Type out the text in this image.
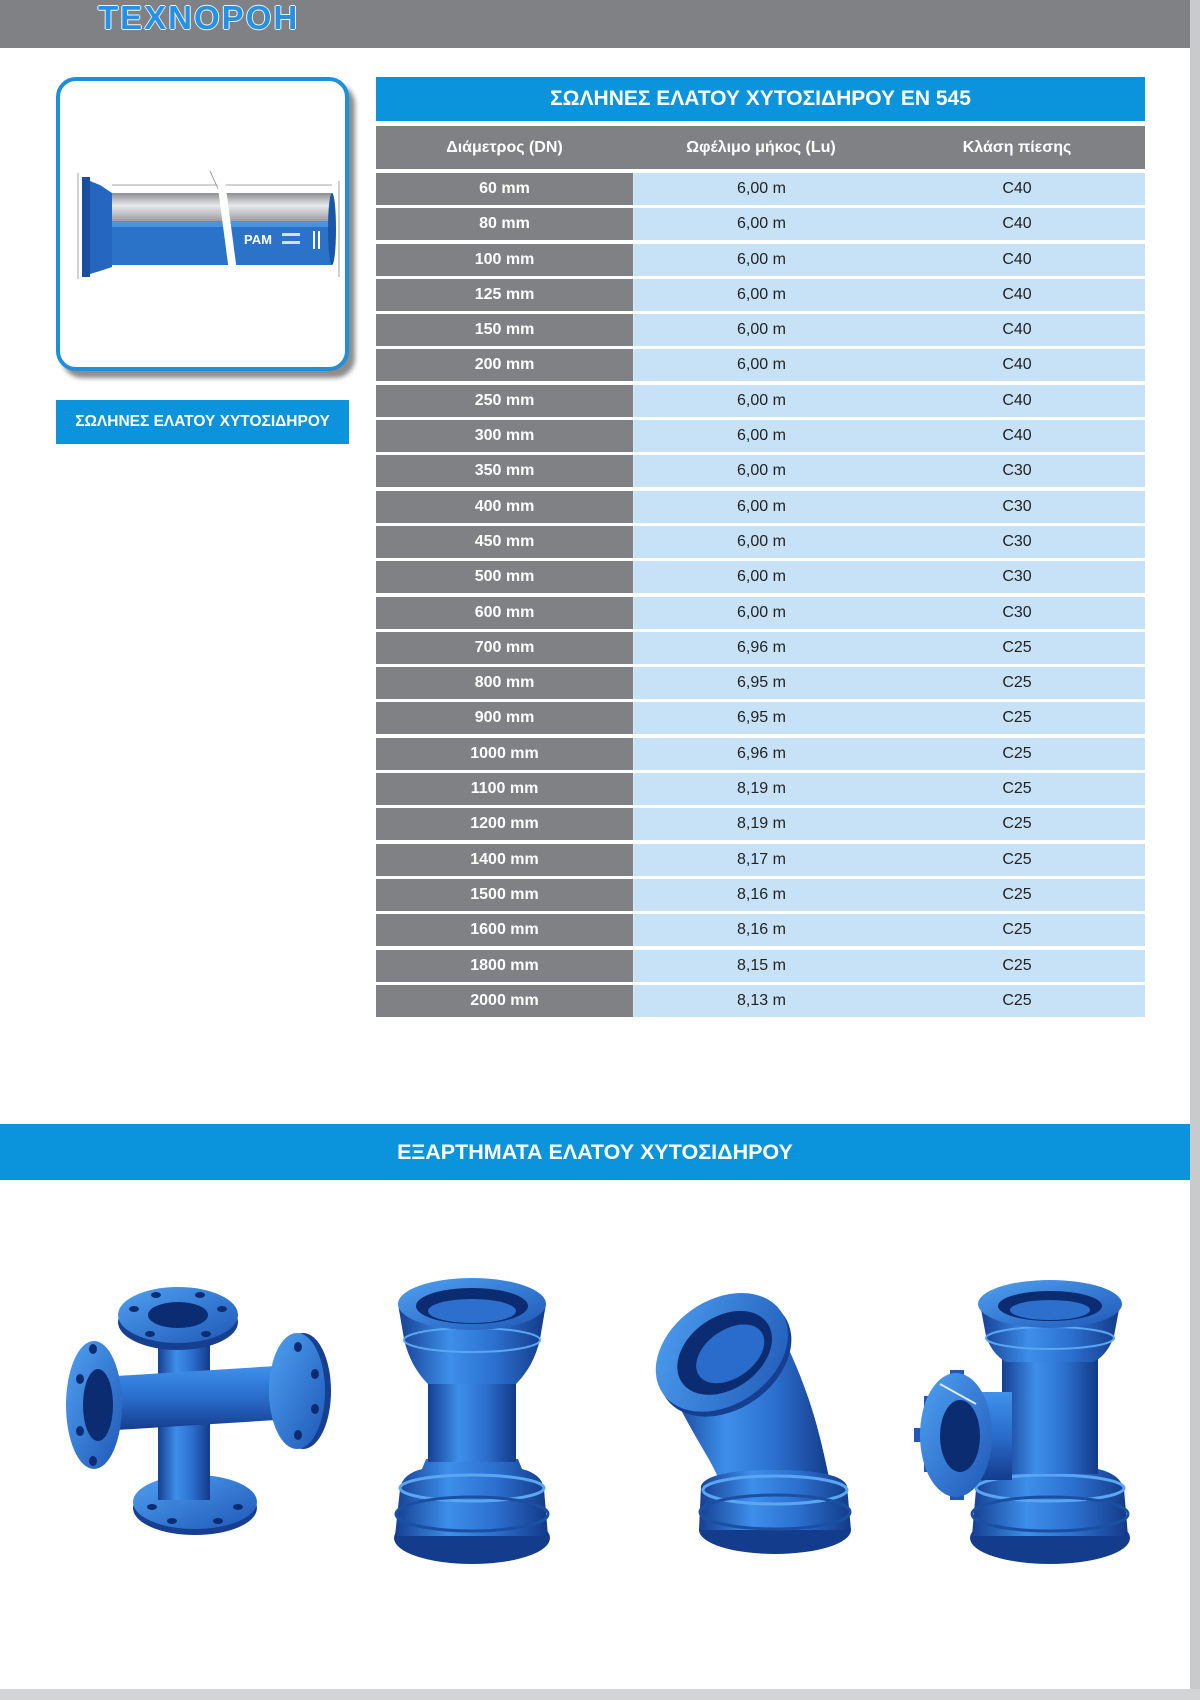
ΤΕΧΝΟΡΟΗ
PAM
ΣΩΛΗΝΕΣ ΕΛΑΤΟΥ ΧΥΤΟΣΙΔΗΡΟΥ
ΣΩΛΗΝΕΣ ΕΛΑΤΟΥ ΧΥΤΟΣΙΔΗΡΟΥ EN 545
Διάμετρος (DN)	Ωφέλιμο μήκος (Lu)	Κλάση πίεσης
60 mm	6,00 m	C40
80 mm	6,00 m	C40
100 mm	6,00 m	C40
125 mm	6,00 m	C40
150 mm	6,00 m	C40
200 mm	6,00 m	C40
250 mm	6,00 m	C40
300 mm	6,00 m	C40
350 mm	6,00 m	C30
400 mm	6,00 m	C30
450 mm	6,00 m	C30
500 mm	6,00 m	C30
600 mm	6,00 m	C30
700 mm	6,96 m	C25
800 mm	6,95 m	C25
900 mm	6,95 m	C25
1000 mm	6,96 m	C25
1100 mm	8,19 m	C25
1200 mm	8,19 m	C25
1400 mm	8,17 m	C25
1500 mm	8,16 m	C25
1600 mm	8,16 m	C25
1800 mm	8,15 m	C25
2000 mm	8,13 m	C25
ΕΞΑΡΤΗΜΑΤΑ ΕΛΑΤΟΥ ΧΥΤΟΣΙΔΗΡΟΥ
